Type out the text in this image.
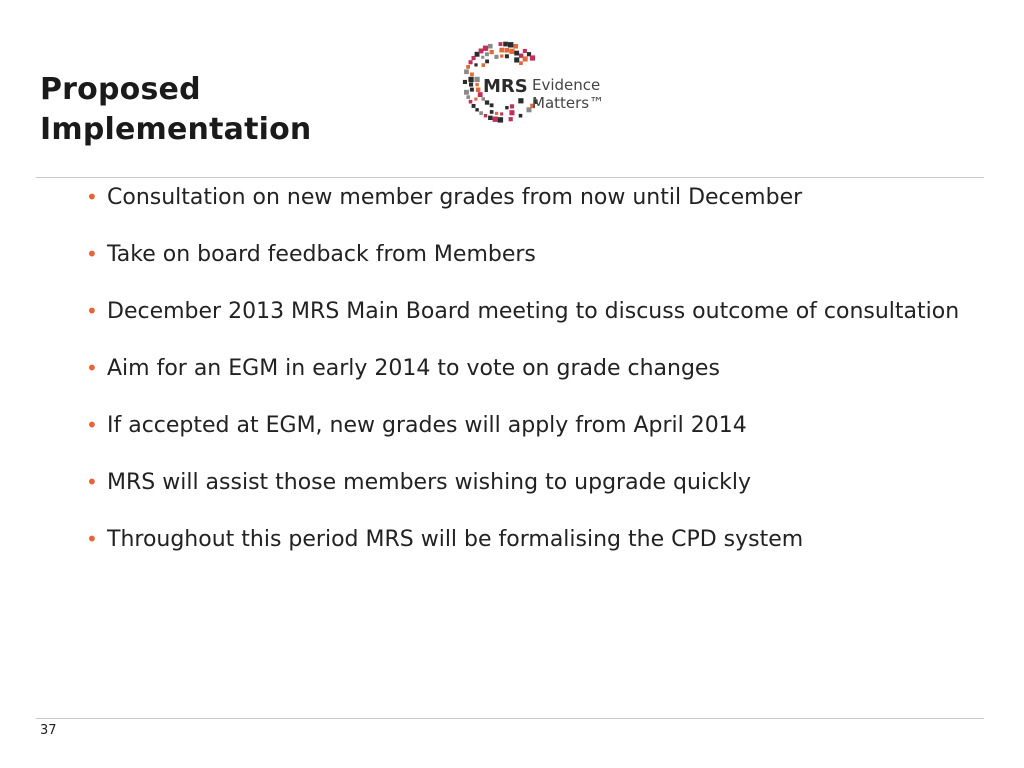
Proposed Implementation
MRS Evidence
Matters™
• Consultation on new member grades from now until December
• Take on board feedback from Members
• December 2013 MRS Main Board meeting to discuss outcome of consultation
• Aim for an EGM in early 2014 to vote on grade changes
• If accepted at EGM, new grades will apply from April 2014
• MRS will assist those members wishing to upgrade quickly
• Throughout this period MRS will be formalising the CPD system
37
